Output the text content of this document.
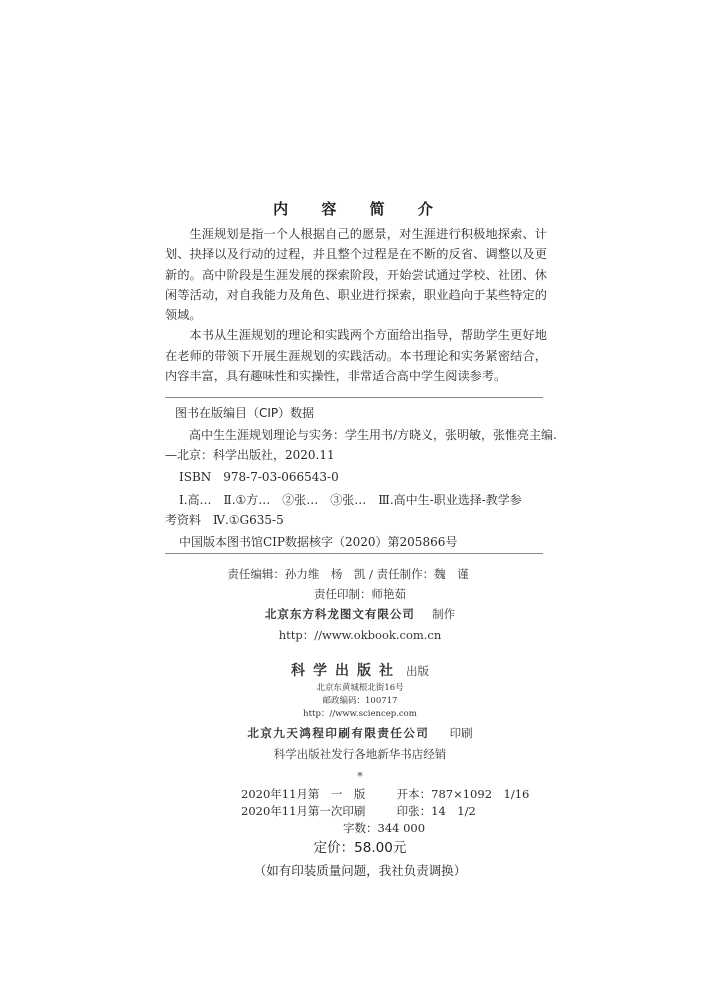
内 容 简 介

生涯规划是指一个人根据自己的愿景，对生涯进行积极地探索、计划、抉择以及行动的过程，并且整个过程是在不断的反省、调整以及更新的。高中阶段是生涯发展的探索阶段，开始尝试通过学校、社团、休闲等活动，对自我能力及角色、职业进行探索，职业趋向于某些特定的领域。

本书从生涯规划的理论和实践两个方面给出指导，帮助学生更好地在老师的带领下开展生涯规划的实践活动。本书理论和实务紧密结合，内容丰富，具有趣味性和实操性，非常适合高中学生阅读参考。

图书在版编目（CIP）数据
高中生生涯规划理论与实务：学生用书/方晓义，张明敏，张惟亮主编.
—北京：科学出版社，2020.11
ISBN　978-7-03-066543-0
Ⅰ.高…　Ⅱ.①方…　②张…　③张…　Ⅲ.高中生-职业选择-教学参
考资料　Ⅳ.①G635-5
中国版本图书馆CIP数据核字（2020）第205866号
责任编辑：孙力维　杨　凯 / 责任制作：魏　谨
责任印制：师艳茹
北京东方科龙图文有限公司 制作
http：//www.okbook.com.cn
科学出版社 出版
北京东黄城根北街16号
邮政编码：100717
http：//www.sciencep.com
北京九天鸿程印刷有限责任公司 印刷
科学出版社发行各地新华书店经销
*
2020年11月第　一　版	开本：787×1092　1/16
2020年11月第一次印刷	印张：14　1/2
字数：344 000
定价：58.00元
（如有印装质量问题，我社负责调换）
